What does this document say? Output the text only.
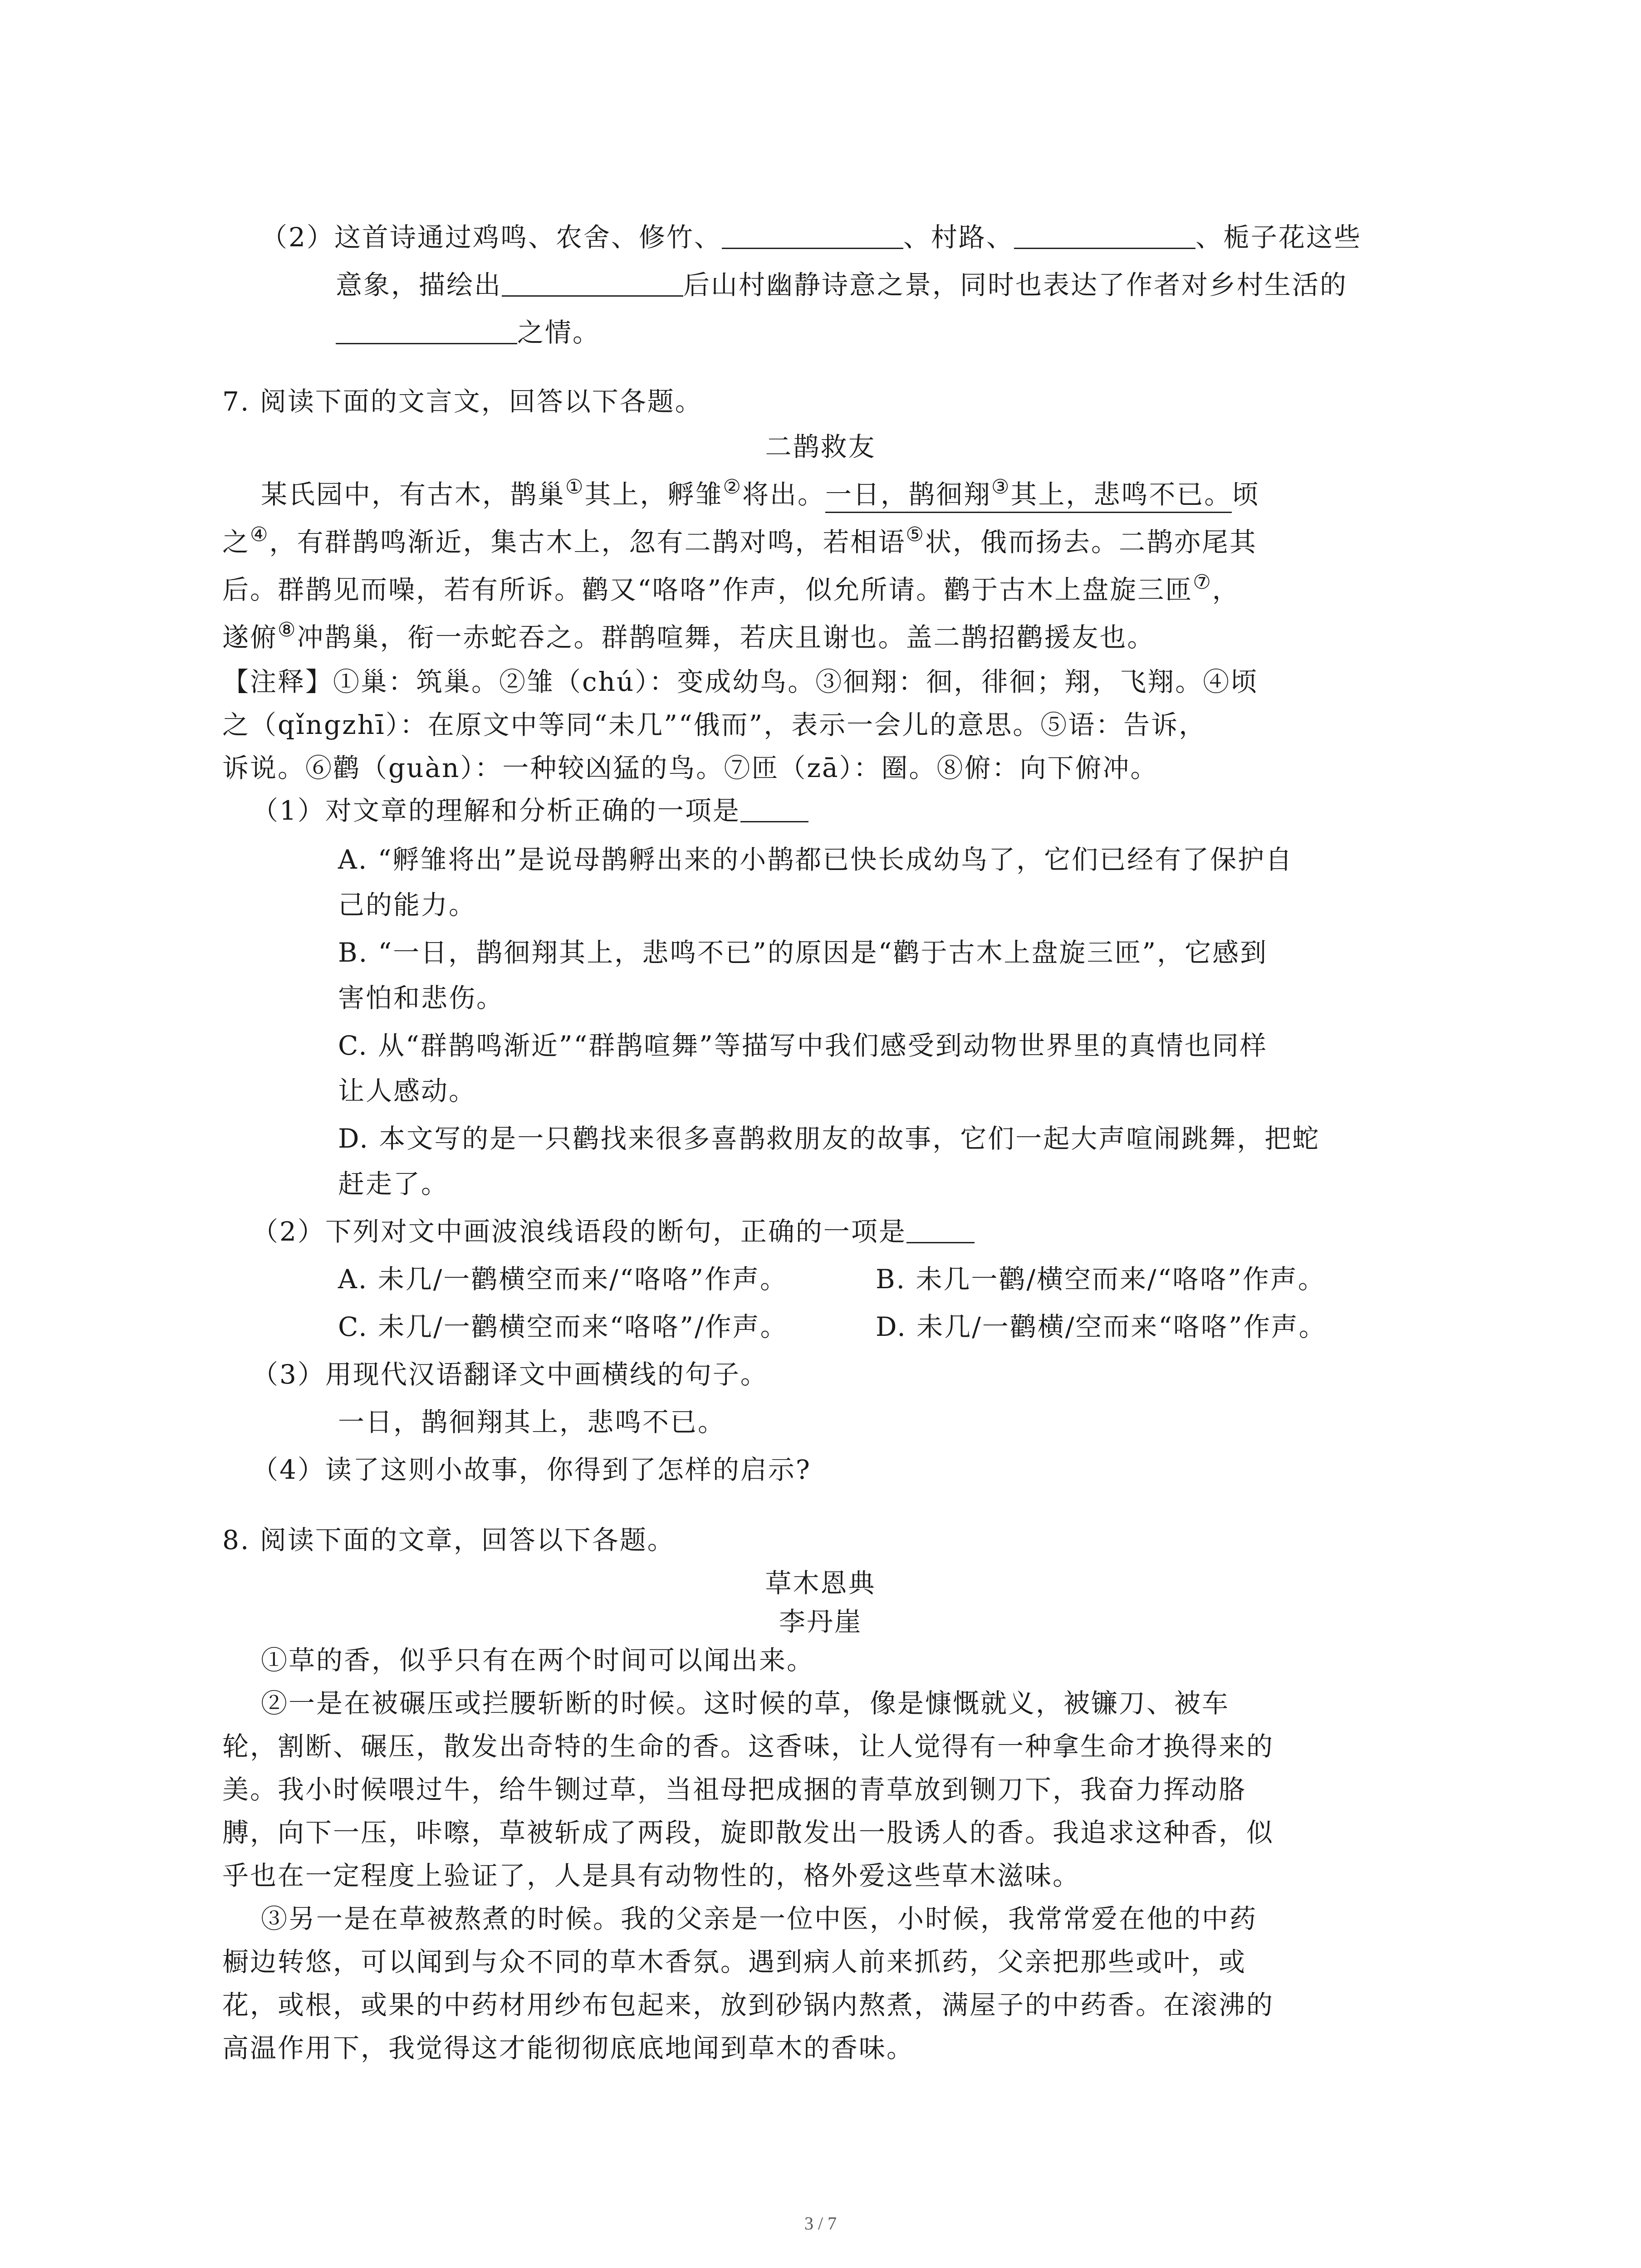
（2）这首诗通过鸡鸣、农舍、修竹、	、村路、	、栀子花这些
意象，描绘出	后山村幽静诗意之景，同时也表达了作者对乡村生活的
之情。
7. 阅读下面的文言文，回答以下各题。
二鹊救友
某氏园中，有古木，鹊巢①其上，孵雏②将出。一日，鹊徊翔③其上，悲鸣不已。顷
之④，有群鹊鸣渐近，集古木上，忽有二鹊对鸣，若相语⑤状，俄而扬去。二鹊亦尾其
后。群鹊见而噪，若有所诉。鹳又“咯咯”作声，似允所请。鹳于古木上盘旋三匝⑦，
遂俯⑧冲鹊巢，衔一赤蛇吞之。群鹊喧舞，若庆且谢也。盖二鹊招鹳援友也。
【注释】①巢：筑巢。②雏（chú）：变成幼鸟。③徊翔：徊，徘徊；翔，飞翔。④顷
之（qǐngzhī）：在原文中等同“未几”“俄而”，表示一会儿的意思。⑤语：告诉，
诉说。⑥鹳（guàn）：一种较凶猛的鸟。⑦匝（zā）：圈。⑧俯：向下俯冲。
（1）对文章的理解和分析正确的一项是
A. “孵雏将出”是说母鹊孵出来的小鹊都已快长成幼鸟了，它们已经有了保护自
己的能力。
B. “一日，鹊徊翔其上，悲鸣不已”的原因是“鹳于古木上盘旋三匝”，它感到
害怕和悲伤。
C. 从“群鹊鸣渐近”“群鹊喧舞”等描写中我们感受到动物世界里的真情也同样
让人感动。
D. 本文写的是一只鹳找来很多喜鹊救朋友的故事，它们一起大声喧闹跳舞，把蛇
赶走了。
（2）下列对文中画波浪线语段的断句，正确的一项是
A. 未几/一鹳横空而来/“咯咯”作声。	B. 未几一鹳/横空而来/“咯咯”作声。
C. 未几/一鹳横空而来“咯咯”/作声。	D. 未几/一鹳横/空而来“咯咯”作声。
（3）用现代汉语翻译文中画横线的句子。
一日，鹊徊翔其上，悲鸣不已。
（4）读了这则小故事，你得到了怎样的启示?
8. 阅读下面的文章，回答以下各题。
草木恩典
李丹崖
①草的香，似乎只有在两个时间可以闻出来。
②一是在被碾压或拦腰斩断的时候。这时候的草，像是慷慨就义，被镰刀、被车
轮，割断、碾压，散发出奇特的生命的香。这香味，让人觉得有一种拿生命才换得来的
美。我小时候喂过牛，给牛铡过草，当祖母把成捆的青草放到铡刀下，我奋力挥动胳
膊，向下一压，咔嚓，草被斩成了两段，旋即散发出一股诱人的香。我追求这种香，似
乎也在一定程度上验证了，人是具有动物性的，格外爱这些草木滋味。
③另一是在草被熬煮的时候。我的父亲是一位中医，小时候，我常常爱在他的中药
橱边转悠，可以闻到与众不同的草木香氛。遇到病人前来抓药，父亲把那些或叶，或
花，或根，或果的中药材用纱布包起来，放到砂锅内熬煮，满屋子的中药香。在滚沸的
高温作用下，我觉得这才能彻彻底底地闻到草木的香味。
3 / 7
